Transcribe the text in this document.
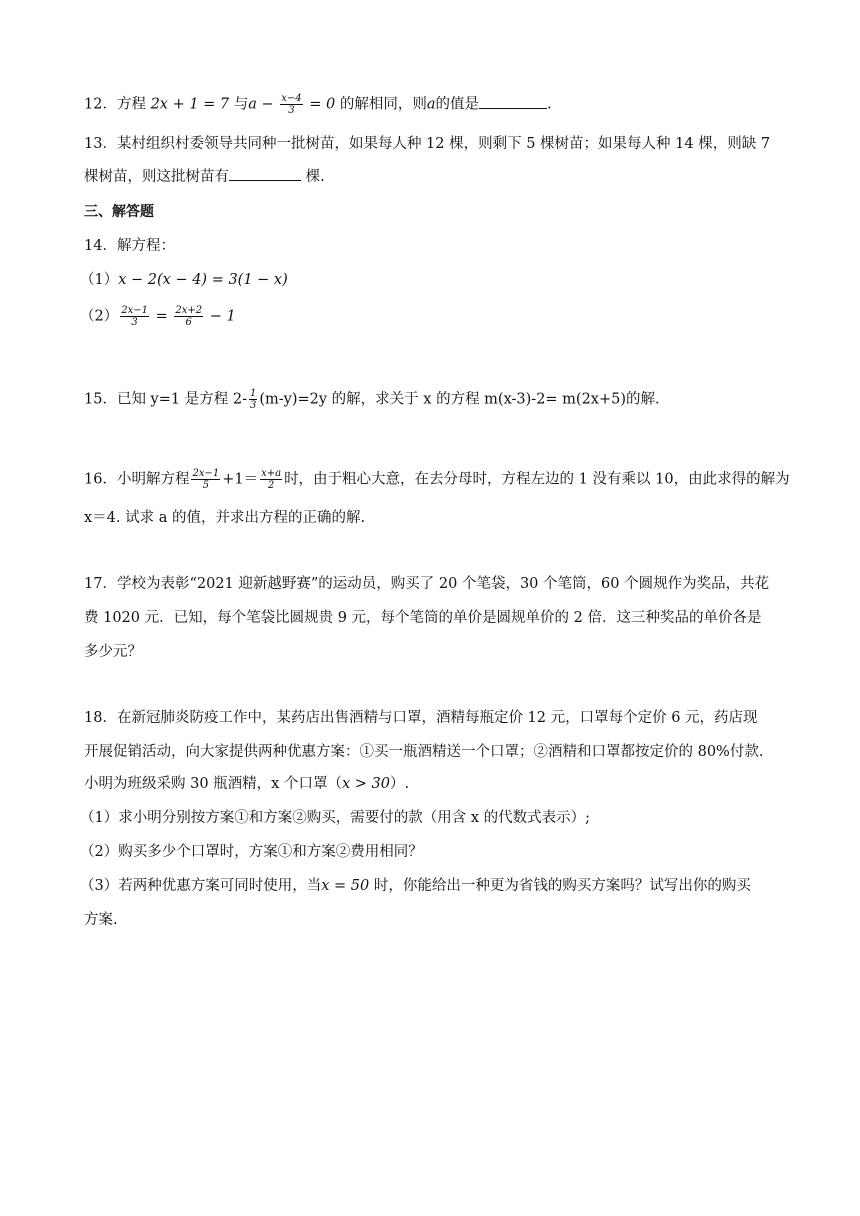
12．方程 2x + 1 = 7 与$a - \frac{x-4}{3} = 0$ 的解相同，则a的值是	.
13．某村组织村委领导共同种一批树苗，如果每人种 12 棵，则剩下 5 棵树苗；如果每人种 14 棵，则缺 7
棵树苗，则这批树苗有	棵.
三、解答题
14．解方程：
（1）x − 2(x − 4) = 3(1 − x)
$(2) \frac{2x-1}{3} = \frac{2x+2}{6} - 1$
15．已知 y=1 是方程 $2- \frac{1}{3} (m-y)=2y$ 的解，求关于 x 的方程 m(x-3)-2= m(2x+5)的解.
16．小明解方程 $\frac{2x-1}{5} +1= \frac{x+a}{2}$ 时，由于粗心大意，在去分母时，方程左边的 1 没有乘以 10，由此求得的解为
x＝4. 试求 a 的值，并求出方程的正确的解.
17．学校为表彰“2021 迎新越野赛”的运动员，购买了 20 个笔袋，30 个笔筒，60 个圆规作为奖品，共花
费 1020 元．已知，每个笔袋比圆规贵 9 元，每个笔筒的单价是圆规单价的 2 倍．这三种奖品的单价各是
多少元？
18．在新冠肺炎防疫工作中，某药店出售酒精与口罩，酒精每瓶定价 12 元，口罩每个定价 6 元，药店现
开展促销活动，向大家提供两种优惠方案：①买一瓶酒精送一个口罩；②酒精和口罩都按定价的 80%付款.
小明为班级采购 30 瓶酒精，x 个口罩（x > 30）.
（1）求小明分别按方案①和方案②购买，需要付的款（用含 x 的代数式表示）;
（2）购买多少个口罩时，方案①和方案②费用相同？
（3）若两种优惠方案可同时使用，当x = 50 时，你能给出一种更为省钱的购买方案吗？试写出你的购买
方案.
